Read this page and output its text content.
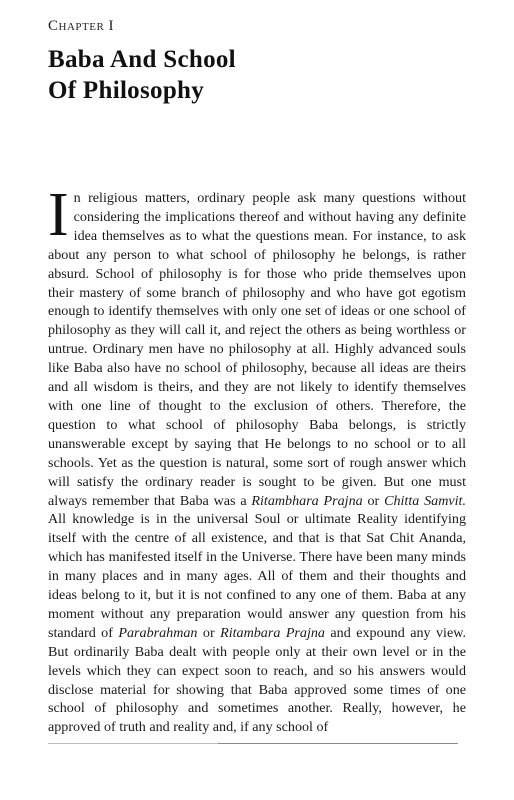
Chapter I
Baba And School
Of Philosophy

In religious matters, ordinary people ask many questions without considering the implications thereof and without having any definite idea themselves as to what the questions mean. For instance, to ask about any person to what school of philosophy he belongs, is rather absurd. School of philosophy is for those who pride themselves upon their mastery of some branch of philosophy and who have got egotism enough to identify themselves with only one set of ideas or one school of philosophy as they will call it, and reject the others as being worthless or untrue. Ordinary men have no philosophy at all. Highly advanced souls like Baba also have no school of philosophy, because all ideas are theirs and all wisdom is theirs, and they are not likely to identify themselves with one line of thought to the exclusion of others. Therefore, the question to what school of philosophy Baba belongs, is strictly unanswerable except by saying that He belongs to no school or to all schools. Yet as the question is natural, some sort of rough answer which will satisfy the ordinary reader is sought to be given. But one must always remember that Baba was a Ritambhara Prajna or Chitta Samvit. All knowledge is in the universal Soul or ultimate Reality identifying itself with the centre of all existence, and that is that Sat Chit Ananda, which has manifested itself in the Universe. There have been many minds in many places and in many ages. All of them and their thoughts and ideas belong to it, but it is not confined to any one of them. Baba at any moment without any preparation would answer any question from his standard of Parabrahman or Ritambara Prajna and expound any view. But ordinarily Baba dealt with people only at their own level or in the levels which they can expect soon to reach, and so his answers would disclose material for showing that Baba approved some times of one school of philosophy and sometimes another. Really, however, he approved of truth and reality and, if any school of
